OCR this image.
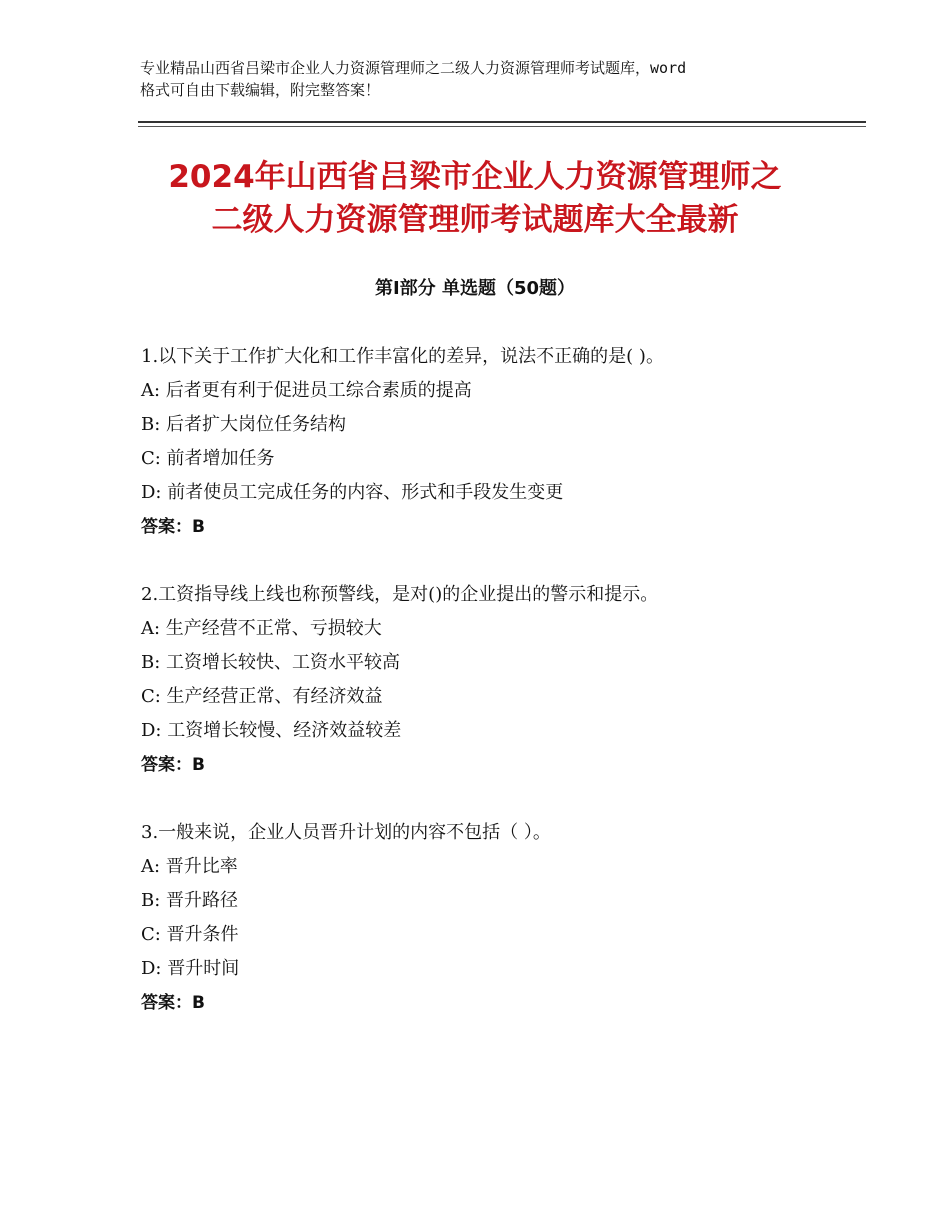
专业精品山西省吕梁市企业人力资源管理师之二级人力资源管理师考试题库，word
格式可自由下载编辑，附完整答案！
2024年山西省吕梁市企业人力资源管理师之
二级人力资源管理师考试题库大全最新
第Ⅰ部分 单选题（50题）
1.以下关于工作扩大化和工作丰富化的差异，说法不正确的是( )。
A: 后者更有利于促进员工综合素质的提高
B: 后者扩大岗位任务结构
C: 前者增加任务
D: 前者使员工完成任务的内容、形式和手段发生变更
答案：B
2.工资指导线上线也称预警线，是对()的企业提出的警示和提示。
A: 生产经营不正常、亏损较大
B: 工资增长较快、工资水平较高
C: 生产经营正常、有经济效益
D: 工资增长较慢、经济效益较差
答案：B
3.一般来说，企业人员晋升计划的内容不包括（ ）。
A: 晋升比率
B: 晋升路径
C: 晋升条件
D: 晋升时间
答案：B
